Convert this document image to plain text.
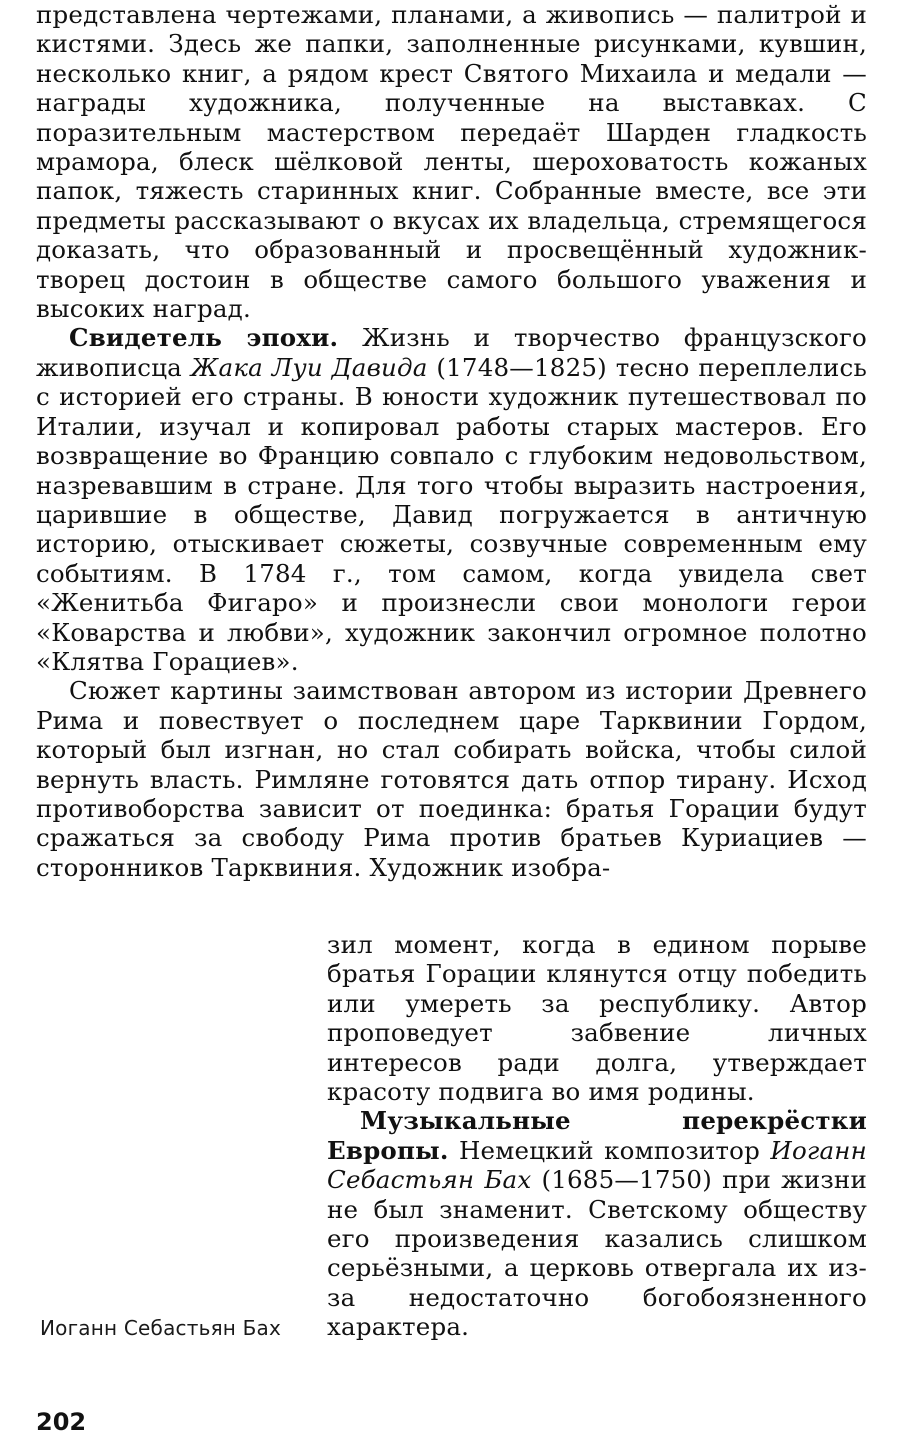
представлена чертежами, планами, а живопись — палитрой и кистями. Здесь же папки, заполненные рисунками, кувшин, несколько книг, а рядом крест Святого Михаила и медали — награды художника, полученные на выставках. С поразительным мастерством передаёт Шарден гладкость мрамора, блеск шёлковой ленты, шероховатость кожаных папок, тяжесть старинных книг. Собранные вместе, все эти предметы рассказывают о вкусах их владельца, стремящегося доказать, что образованный и просвещённый художник-творец достоин в обществе самого большого уважения и высоких наград.

Свидетель эпохи. Жизнь и творчество французского живописца Жака Луи Давида (1748—1825) тесно переплелись с историей его страны. В юности художник путешествовал по Италии, изучал и копировал работы старых мастеров. Его возвращение во Францию совпало с глубоким недовольством, назревавшим в стране. Для того чтобы выразить настроения, царившие в обществе, Давид погружается в античную историю, отыскивает сюжеты, созвучные современным ему событиям. В 1784 г., том самом, когда увидела свет «Женитьба Фигаро» и произнесли свои монологи герои «Коварства и любви», художник закончил огромное полотно «Клятва Горациев».

Сюжет картины заимствован автором из истории Древнего Рима и повествует о последнем царе Тарквинии Гордом, который был изгнан, но стал собирать войска, чтобы силой вернуть власть. Римляне готовятся дать отпор тирану. Исход противоборства зависит от поединка: братья Горации будут сражаться за свободу Рима против братьев Куриациев — сторонников Тарквиния. Художник изобра-

Иоганн Себастьян Бах

зил момент, когда в едином порыве братья Горации клянутся отцу победить или умереть за республику. Автор проповедует забвение личных интересов ради долга, утверждает красоту подвига во имя родины.

Музыкальные перекрёстки Европы. Немецкий композитор Иоганн Себастьян Бах (1685—1750) при жизни не был знаменит. Светскому обществу его произведения казались слишком серьёзными, а церковь отвергала их из-за недостаточно богобоязненного характера.

202
